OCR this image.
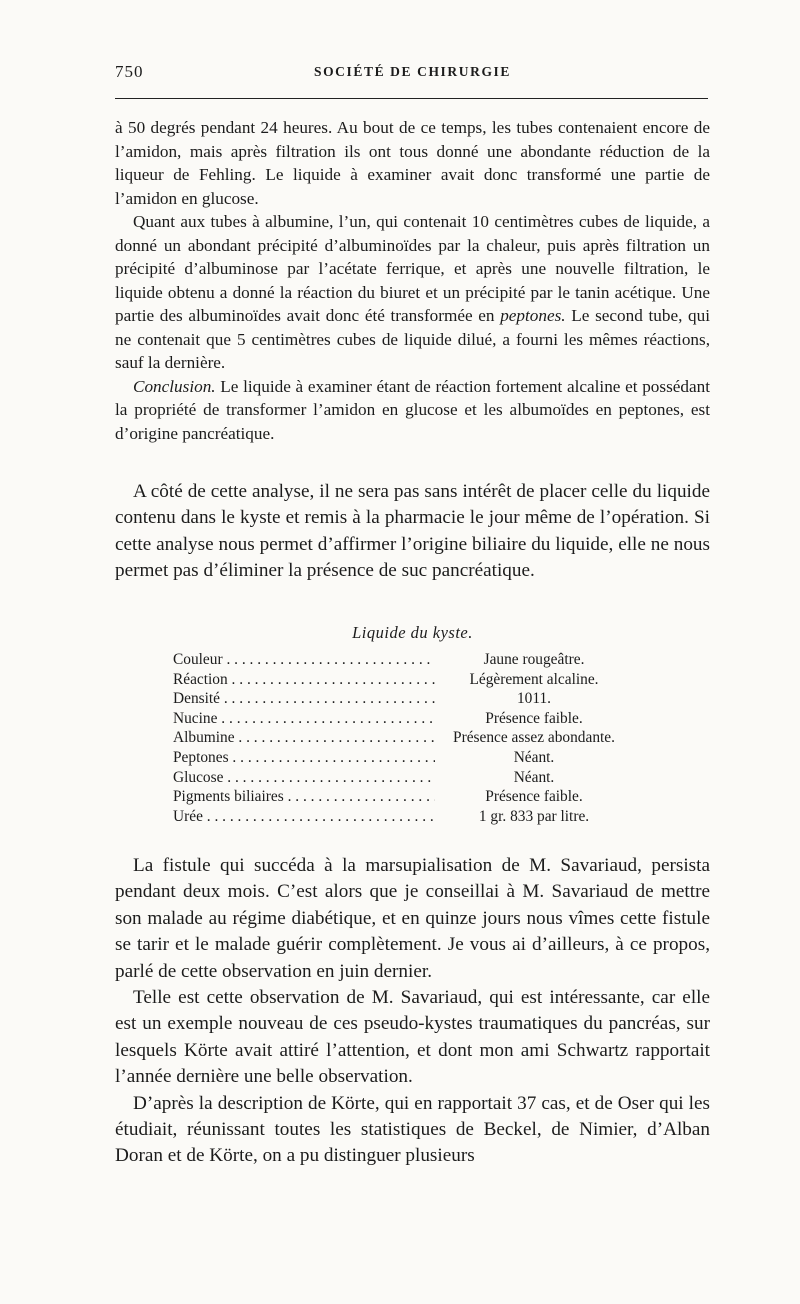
750	SOCIÉTÉ DE CHIRURGIE

à 50 degrés pendant 24 heures. Au bout de ce temps, les tubes contenaient encore de l’amidon, mais après filtration ils ont tous donné une abondante réduction de la liqueur de Fehling. Le liquide à examiner avait donc transformé une partie de l’amidon en glucose.

Quant aux tubes à albumine, l’un, qui contenait 10 centimètres cubes de liquide, a donné un abondant précipité d’albuminoïdes par la chaleur, puis après filtration un précipité d’albuminose par l’acétate ferrique, et après une nouvelle filtration, le liquide obtenu a donné la réaction du biuret et un précipité par le tanin acétique. Une partie des albuminoïdes avait donc été transformée en peptones. Le second tube, qui ne contenait que 5 centimètres cubes de liquide dilué, a fourni les mêmes réactions, sauf la dernière.

Conclusion. Le liquide à examiner étant de réaction fortement alcaline et possédant la propriété de transformer l’amidon en glucose et les albumoïdes en peptones, est d’origine pancréatique.

A côté de cette analyse, il ne sera pas sans intérêt de placer celle du liquide contenu dans le kyste et remis à la pharmacie le jour même de l’opération. Si cette analyse nous permet d’affirmer l’origine biliaire du liquide, elle ne nous permet pas d’éliminer la présence de suc pancréatique.

Liquide du kyste.
Couleur . . .	Jaune rougeâtre.
Réaction . . .	Légèrement alcaline.
Densité . . .	1011.
Nucine . . .	Présence faible.
Albumine . . .	Présence assez abondante.
Peptones . . .	Néant.
Glucose . . .	Néant.
Pigments biliaires . . .	Présence faible.
Urée . . .	1 gr. 833 par litre.

La fistule qui succéda à la marsupialisation de M. Savariaud, persista pendant deux mois. C’est alors que je conseillai à M. Savariaud de mettre son malade au régime diabétique, et en quinze jours nous vîmes cette fistule se tarir et le malade guérir complètement. Je vous ai d’ailleurs, à ce propos, parlé de cette observation en juin dernier.

Telle est cette observation de M. Savariaud, qui est intéressante, car elle est un exemple nouveau de ces pseudo-kystes traumatiques du pancréas, sur lesquels Körte avait attiré l’attention, et dont mon ami Schwartz rapportait l’année dernière une belle observation.

D’après la description de Körte, qui en rapportait 37 cas, et de Oser qui les étudiait, réunissant toutes les statistiques de Beckel, de Nimier, d’Alban Doran et de Körte, on a pu distinguer plusieurs
